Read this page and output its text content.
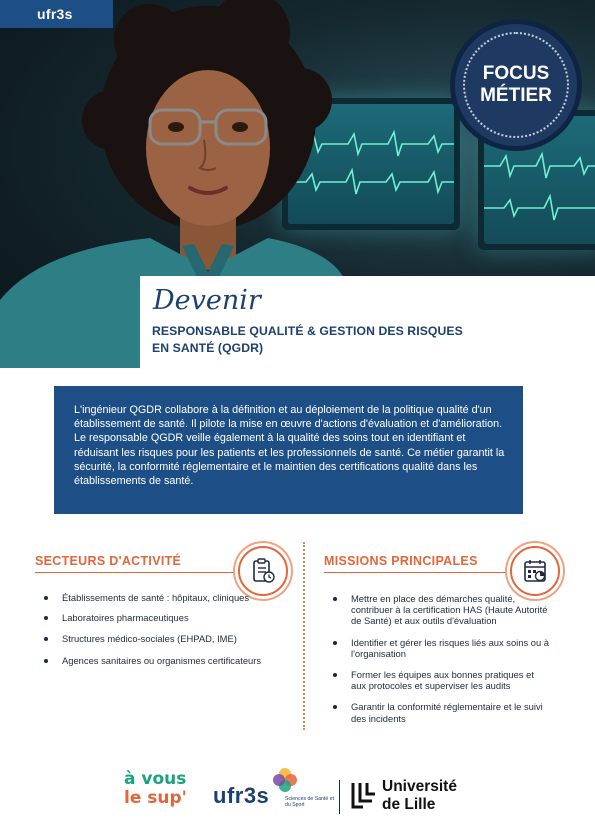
ufr3s
FOCUS
MÉTIER
Devenir
RESPONSABLE QUALITÉ & GESTION DES RISQUES
EN SANTÉ (QGDR)

L'ingénieur QGDR collabore à la définition et au déploiement de la politique qualité d'un établissement de santé. Il pilote la mise en œuvre d'actions d'évaluation et d'amélioration.

Le responsable QGDR veille également à la qualité des soins tout en identifiant et réduisant les risques pour les patients et les professionnels de santé. Ce métier garantit la sécurité, la conformité réglementaire et le maintien des certifications qualité dans les établissements de santé.

SECTEURS D'ACTIVITÉ
Établissements de santé : hôpitaux, cliniques
Laboratoires pharmaceutiques
Structures médico-sociales (EHPAD, IME)
Agences sanitaires ou organismes certificateurs
MISSIONS PRINCIPALES
Mettre en place des démarches qualité, contribuer à la certification HAS (Haute Autorité de Santé) et aux outils d'évaluation
Identifier et gérer les risques liés aux soins ou à l'organisation
Former les équipes aux bonnes pratiques et aux protocoles et superviser les audits
Garantir la conformité réglementaire et le suivi des incidents
à vous
le sup'	ufr3s	Sciences de Santé et du Sport
Université
de Lille
